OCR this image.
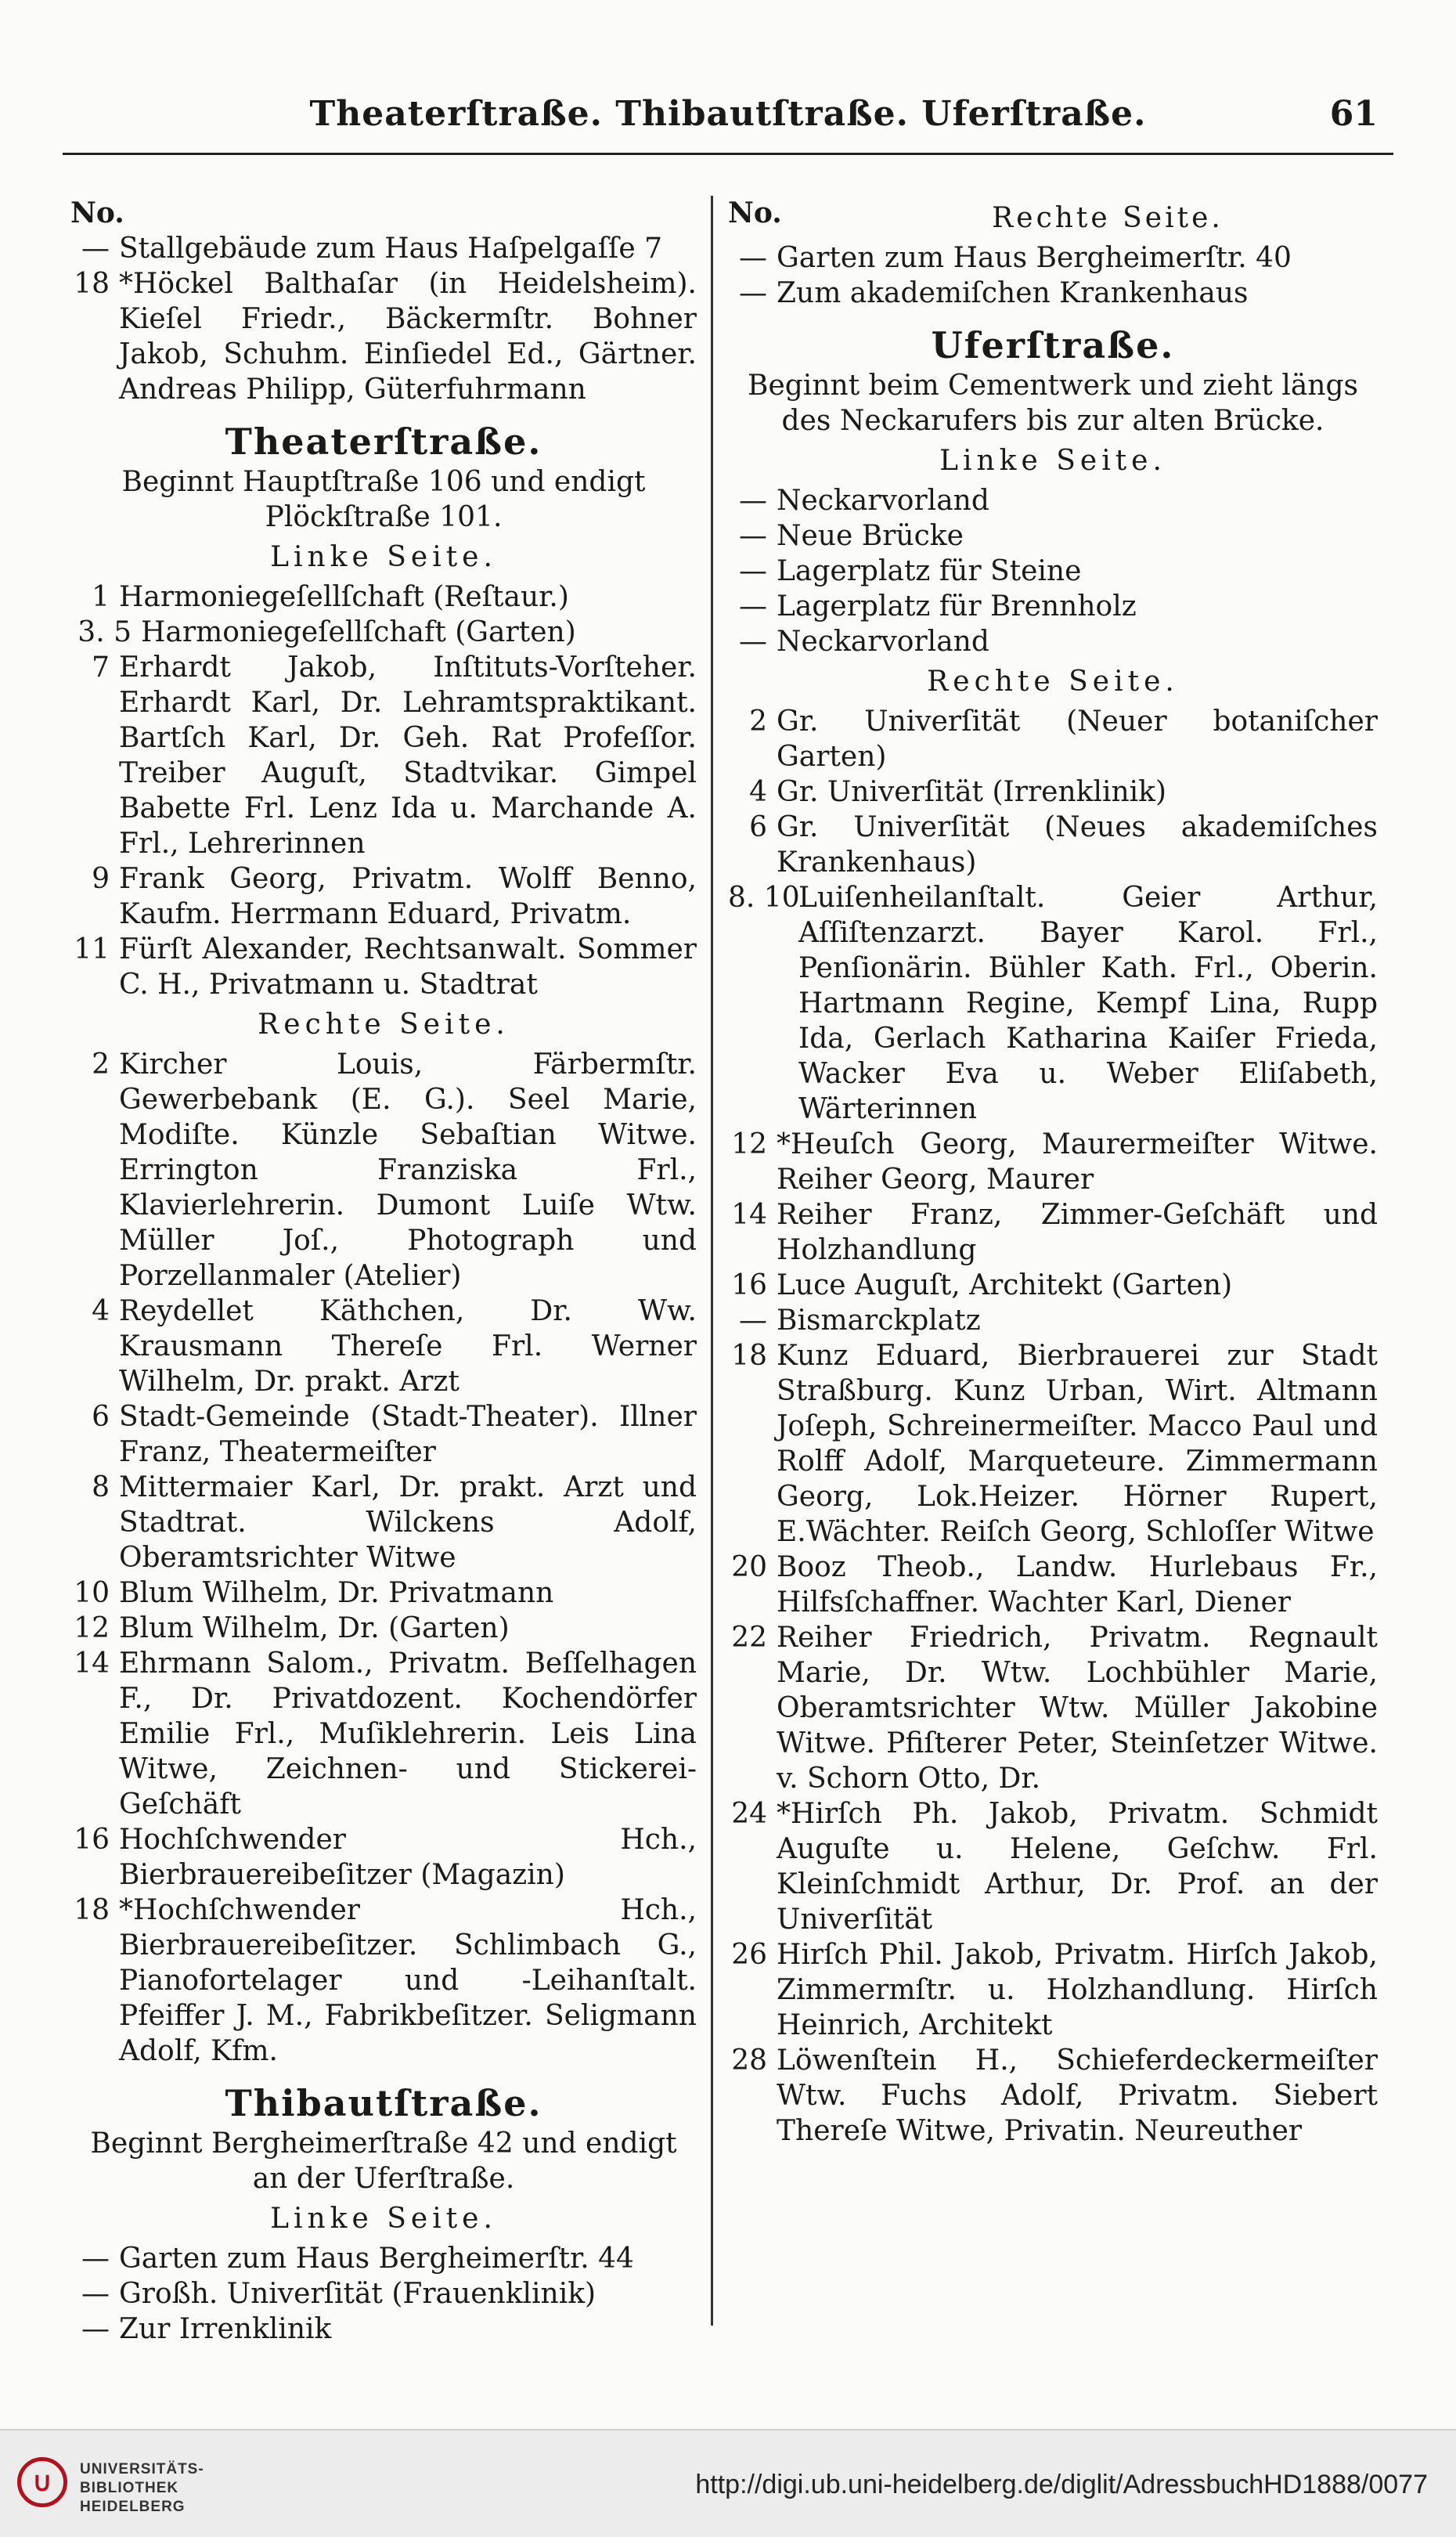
Theaterſtraße. Thibautſtraße. Uferſtraße.	61
No.
— Stallgebäude zum Haus Haſpelgaſſe 7
18 *Höckel Balthaſar (in Heidelsheim). Kieſel Friedr., Bäckermſtr. Bohner Jakob, Schuhm. Einſiedel Ed., Gärtner. Andreas Philipp, Güterfuhrmann
Theaterſtraße.
Beginnt Hauptſtraße 106 und endigt Plöckſtraße 101.
Linke Seite.
1 Harmoniegeſellſchaft (Reſtaur.)
3. 5 Harmoniegeſellſchaft (Garten)
7 Erhardt Jakob, Inſtituts-Vorſteher. Erhardt Karl, Dr. Lehramtspraktikant. Bartſch Karl, Dr. Geh. Rat Profeſſor. Treiber Auguſt, Stadtvikar. Gimpel Babette Frl. Lenz Ida u. Marchande A. Frl., Lehrerinnen
9 Frank Georg, Privatm. Wolff Benno, Kaufm. Herrmann Eduard, Privatm.
11 Fürſt Alexander, Rechtsanwalt. Sommer C. H., Privatmann u. Stadtrat
Rechte Seite.
2 Kircher Louis, Färbermſtr. Gewerbebank (E. G.). Seel Marie, Modiſte. Künzle Sebaſtian Witwe. Errington Franziska Frl., Klavierlehrerin. Dumont Luiſe Wtw. Müller Joſ., Photograph und Porzellanmaler (Atelier)
4 Reydellet Käthchen, Dr. Ww. Krausmann Thereſe Frl. Werner Wilhelm, Dr. prakt. Arzt
6 Stadt-Gemeinde (Stadt-Theater). Illner Franz, Theatermeiſter
8 Mittermaier Karl, Dr. prakt. Arzt und Stadtrat. Wilckens Adolf, Oberamtsrichter Witwe
10 Blum Wilhelm, Dr. Privatmann
12 Blum Wilhelm, Dr. (Garten)
14 Ehrmann Salom., Privatm. Beſſelhagen F., Dr. Privatdozent. Kochendörfer Emilie Frl., Muſiklehrerin. Leis Lina Witwe, Zeichnen- und Stickerei-Geſchäft
16 Hochſchwender Hch., Bierbrauereibeſitzer (Magazin)
18 *Hochſchwender Hch., Bierbrauereibeſitzer. Schlimbach G., Pianofortelager und -Leihanſtalt. Pfeiffer J. M., Fabrikbeſitzer. Seligmann Adolf, Kfm.
Thibautſtraße.
Beginnt Bergheimerſtraße 42 und endigt an der Uferſtraße.
Linke Seite.
— Garten zum Haus Bergheimerſtr. 44
— Großh. Univerſität (Frauenklinik)
— Zur Irrenklinik
No.	Rechte Seite.
— Garten zum Haus Bergheimerſtr. 40
— Zum akademiſchen Krankenhaus
Uferſtraße.
Beginnt beim Cementwerk und zieht längs des Neckarufers bis zur alten Brücke.
Linke Seite.
— Neckarvorland
— Neue Brücke
— Lagerplatz für Steine
— Lagerplatz für Brennholz
— Neckarvorland
Rechte Seite.
2 Gr. Univerſität (Neuer botaniſcher Garten)
4 Gr. Univerſität (Irrenklinik)
6 Gr. Univerſität (Neues akademiſches Krankenhaus)
8. 10
Luiſenheilanſtalt. Geier Arthur, Aſſiſtenzarzt. Bayer Karol. Frl., Penſionärin. Bühler Kath. Frl., Oberin. Hartmann Regine, Kempf Lina, Rupp Ida, Gerlach Katharina Kaiſer Frieda, Wacker Eva u. Weber Eliſabeth, Wärterinnen
12 *Heuſch Georg, Maurermeiſter Witwe. Reiher Georg, Maurer
14 Reiher Franz, Zimmer-Geſchäft und Holzhandlung
16 Luce Auguſt, Architekt (Garten)
— Bismarckplatz
18 Kunz Eduard, Bierbrauerei zur Stadt Straßburg. Kunz Urban, Wirt. Altmann Joſeph, Schreinermeiſter. Macco Paul und Rolff Adolf, Marqueteure. Zimmermann Georg, Lok.Heizer. Hörner Rupert, E.Wächter. Reiſch Georg, Schloſſer Witwe
20 Booz Theob., Landw. Hurlebaus Fr., Hilfsſchaffner. Wachter Karl, Diener
22 Reiher Friedrich, Privatm. Regnault Marie, Dr. Wtw. Lochbühler Marie, Oberamtsrichter Wtw. Müller Jakobine Witwe. Pfiſterer Peter, Steinſetzer Witwe. v. Schorn Otto, Dr.
24 *Hirſch Ph. Jakob, Privatm. Schmidt Auguſte u. Helene, Geſchw. Frl. Kleinſchmidt Arthur, Dr. Prof. an der Univerſität
26 Hirſch Phil. Jakob, Privatm. Hirſch Jakob, Zimmermſtr. u. Holzhandlung. Hirſch Heinrich, Architekt
28 Löwenſtein H., Schieferdeckermeiſter Wtw. Fuchs Adolf, Privatm. Siebert Thereſe Witwe, Privatin. Neureuther
∪	UNIVERSITÄTS-
BIBLIOTHEK
HEIDELBERG
http://digi.ub.uni-heidelberg.de/diglit/AdressbuchHD1888/0077
